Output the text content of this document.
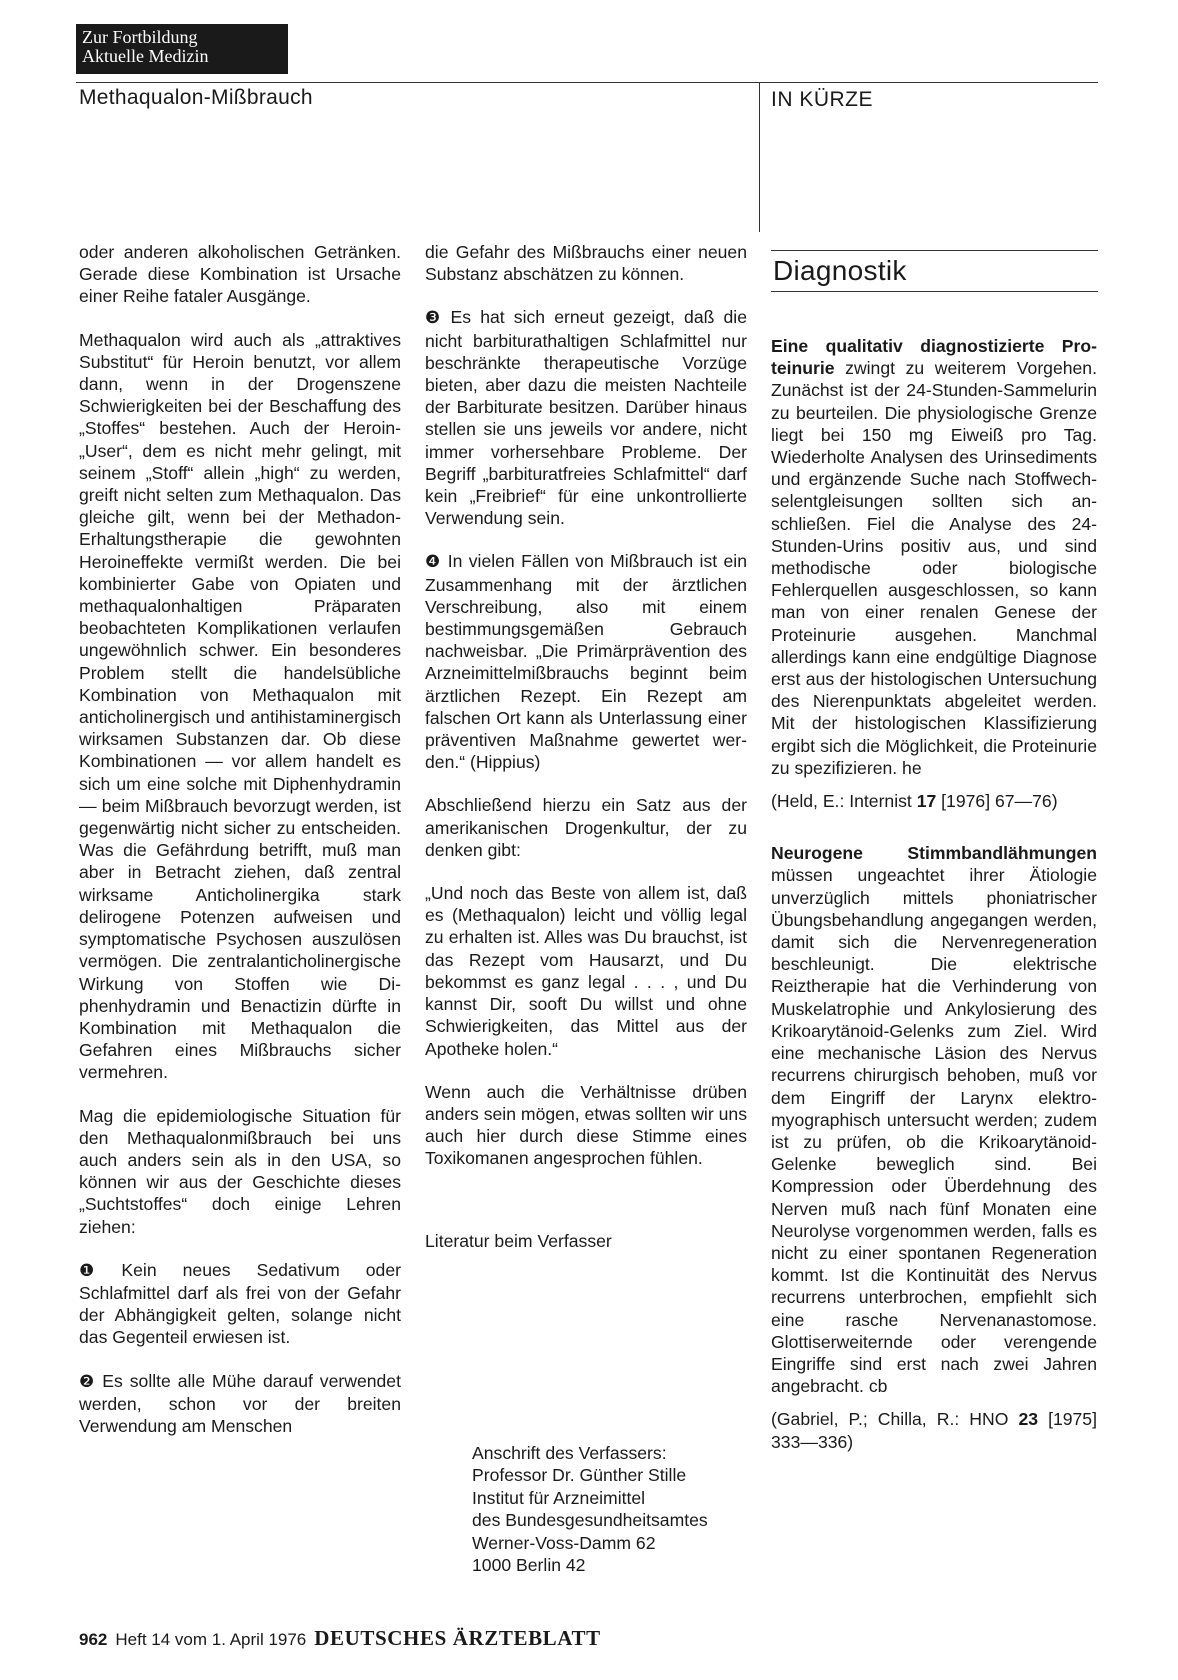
Zur Fortbildung
Aktuelle Medizin
Methaqualon-Mißbrauch	IN KÜRZE

oder anderen alkoholischen Getränken. Gerade diese Kombination ist Ursache einer Reihe fataler Ausgänge.

Methaqualon wird auch als „attraktives Substitut“ für Heroin benutzt, vor allem dann, wenn in der Drogenszene Schwierigkeiten bei der Beschaffung des „Stoffes“ bestehen. Auch der Heroin-„User“, dem es nicht mehr gelingt, mit seinem „Stoff“ allein „high“ zu werden, greift nicht selten zum Methaqualon. Das gleiche gilt, wenn bei der Methadon-Erhaltungstherapie die gewohnten Heroineffekte vermißt werden. Die bei kombinierter Gabe von Opiaten und methaqualonhaltigen Präparaten beobachteten Komplikationen verlaufen ungewöhnlich schwer. Ein besonderes Problem stellt die handelsübliche Kombination von Methaqualon mit anticholinergisch und antihistaminergisch wirksamen Substanzen dar. Ob diese Kombinationen — vor allem handelt es sich um eine solche mit Diphenhydramin — beim Mißbrauch bevorzugt werden, ist gegenwärtig nicht sicher zu entscheiden. Was die Gefährdung betrifft, muß man aber in Betracht ziehen, daß zentral wirksame Anticholinergika stark delirogene Potenzen aufweisen und symptomatische Psychosen auszulösen vermögen. Die zentralanticholinergische Wirkung von Stoffen wie Diphenhydramin und Benactizin dürfte in Kombination mit Methaqualon die Gefahren eines Mißbrauchs sicher vermehren.

Mag die epidemiologische Situation für den Methaqualonmißbrauch bei uns auch anders sein als in den USA, so können wir aus der Geschichte dieses „Suchtstoffes“ doch einige Lehren ziehen:

❶ Kein neues Sedativum oder Schlafmittel darf als frei von der Gefahr der Abhängigkeit gelten, solange nicht das Gegenteil erwiesen ist.

❷ Es sollte alle Mühe darauf verwendet werden, schon vor der breiten Verwendung am Menschen

die Gefahr des Mißbrauchs einer neuen Substanz abschätzen zu können.

❸ Es hat sich erneut gezeigt, daß die nicht barbiturathaltigen Schlafmittel nur beschränkte therapeutische Vorzüge bieten, aber dazu die meisten Nachteile der Barbiturate besitzen. Darüber hinaus stellen sie uns jeweils vor andere, nicht immer vorhersehbare Probleme. Der Begriff „barbituratfreies Schlafmittel“ darf kein „Freibrief“ für eine unkontrollierte Verwendung sein.

❹ In vielen Fällen von Mißbrauch ist ein Zusammenhang mit der ärztlichen Verschreibung, also mit einem bestimmungsgemäßen Gebrauch nachweisbar. „Die Primärprävention des Arzneimittelmißbrauchs beginnt beim ärztlichen Rezept. Ein Rezept am falschen Ort kann als Unterlassung einer präventiven Maßnahme gewertet werden.“ (Hippius)

Abschließend hierzu ein Satz aus der amerikanischen Drogenkultur, der zu denken gibt:

„Und noch das Beste von allem ist, daß es (Methaqualon) leicht und völlig legal zu erhalten ist. Alles was Du brauchst, ist das Rezept vom Hausarzt, und Du bekommst es ganz legal . . . , und Du kannst Dir, sooft Du willst und ohne Schwierigkeiten, das Mittel aus der Apotheke holen.“

Wenn auch die Verhältnisse drüben anders sein mögen, etwas sollten wir uns auch hier durch diese Stimme eines Toxikomanen angesprochen fühlen.

Literatur beim Verfasser

Anschrift des Verfassers:
Professor Dr. Günther Stille
Institut für Arzneimittel
des Bundesgesundheitsamtes
Werner-Voss-Damm 62
1000 Berlin 42
Diagnostik

Eine qualitativ diagnostizierte Proteinurie zwingt zu weiterem Vorgehen. Zunächst ist der 24-Stunden-Sammelurin zu beurteilen. Die physiologische Grenze liegt bei 150 mg Eiweiß pro Tag. Wiederholte Analysen des Urinsediments und ergänzende Suche nach Stoffwechselentgleisungen sollten sich anschließen. Fiel die Analyse des 24-Stunden-Urins positiv aus, und sind methodische oder biologische Fehlerquellen ausgeschlossen, so kann man von einer renalen Genese der Proteinurie ausgehen. Manchmal allerdings kann eine endgültige Diagnose erst aus der histologischen Untersuchung des Nierenpunktats abgeleitet werden. Mit der histologischen Klassifizierung ergibt sich die Möglichkeit, die Proteinurie zu spezifizieren. he

(Held, E.: Internist 17 [1976] 67—76)

Neurogene Stimmbandlähmungen müssen ungeachtet ihrer Ätiologie unverzüglich mittels phoniatrischer Übungsbehandlung angegangen werden, damit sich die Nervenregeneration beschleunigt. Die elektrische Reiztherapie hat die Verhinderung von Muskelatrophie und Ankylosierung des Krikoarytänoid-Gelenks zum Ziel. Wird eine mechanische Läsion des Nervus recurrens chirurgisch behoben, muß vor dem Eingriff der Larynx elektromyographisch untersucht werden; zudem ist zu prüfen, ob die Krikoarytänoid-Gelenke beweglich sind. Bei Kompression oder Überdehnung des Nerven muß nach fünf Monaten eine Neurolyse vorgenommen werden, falls es nicht zu einer spontanen Regeneration kommt. Ist die Kontinuität des Nervus recurrens unterbrochen, empfiehlt sich eine rasche Nervenanastomose. Glottiserweiternde oder verengende Eingriffe sind erst nach zwei Jahren angebracht. cb

(Gabriel, P.; Chilla, R.: HNO 23 [1975] 333—336)

962 Heft 14 vom 1. April 1976 DEUTSCHES ÄRZTEBLATT
